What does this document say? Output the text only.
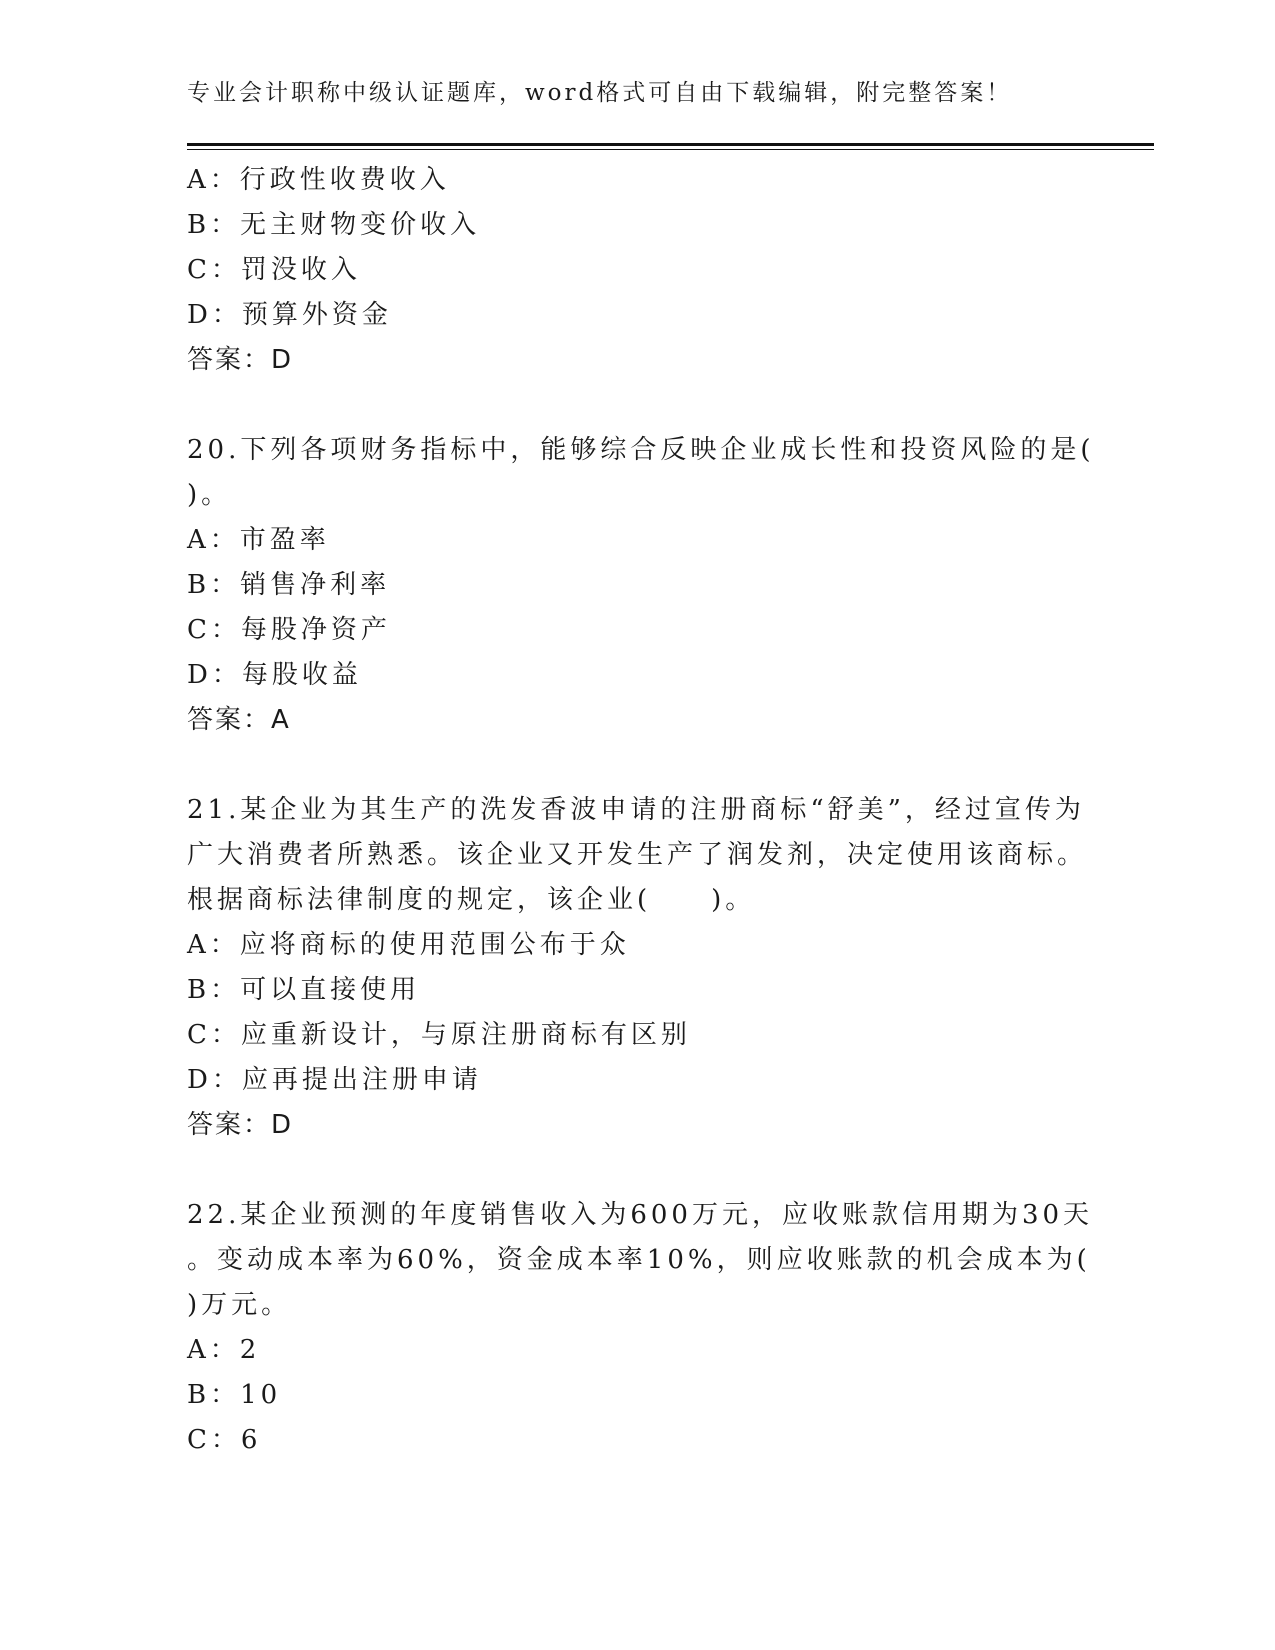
专业会计职称中级认证题库，word格式可自由下载编辑，附完整答案！
A：行政性收费收入
B：无主财物变价收入
C：罚没收入
D：预算外资金
答案：D
20.下列各项财务指标中，能够综合反映企业成长性和投资风险的是(
)。
A：市盈率
B：销售净利率
C：每股净资产
D：每股收益
答案：A
21.某企业为其生产的洗发香波申请的注册商标“舒美”，经过宣传为
广大消费者所熟悉。该企业又开发生产了润发剂，决定使用该商标。
根据商标法律制度的规定，该企业(　　)。
A：应将商标的使用范围公布于众
B：可以直接使用
C：应重新设计，与原注册商标有区别
D：应再提出注册申请
答案：D
22.某企业预测的年度销售收入为600万元，应收账款信用期为30天
。变动成本率为60%，资金成本率10%，则应收账款的机会成本为(
)万元。
A：2
B：10
C：6
